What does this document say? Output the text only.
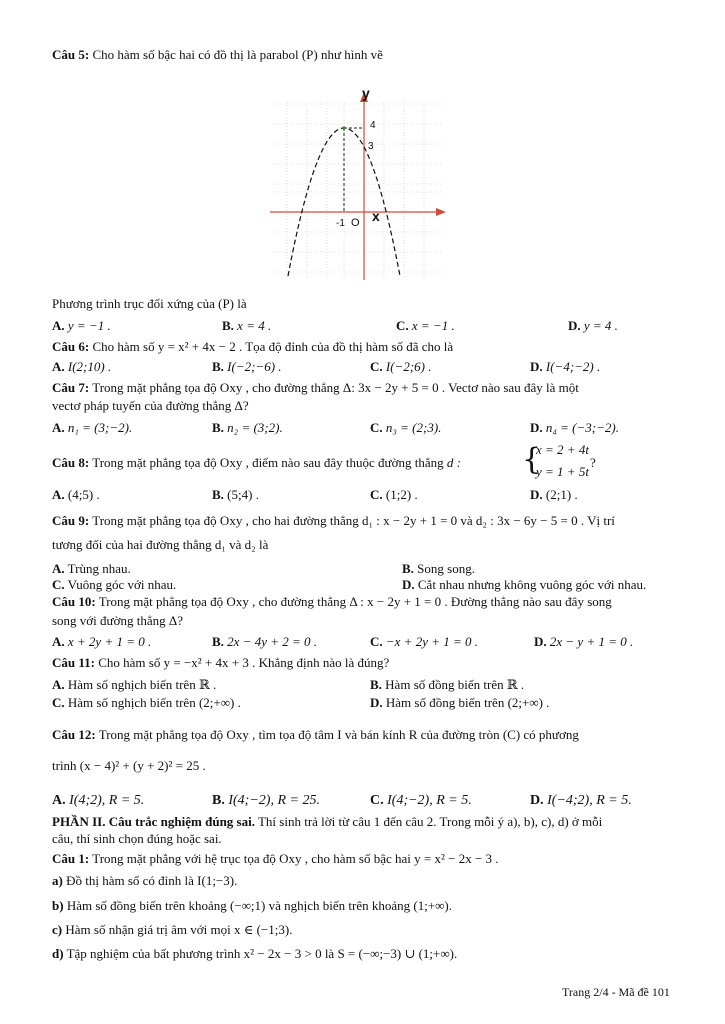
Câu 5: Cho hàm số bậc hai có đồ thị là parabol (P) như hình vẽ
x
y
4
3
-1 O
Phương trình trục đối xứng của (P) là
A. y = −1 .	B. x = 4 .	C. x = −1 .	D. y = 4 .
Câu 6: Cho hàm số y = x² + 4x − 2 . Tọa độ đỉnh của đồ thị hàm số đã cho là
A. I(2;10) .	B. I(−2;−6) .	C. I(−2;6) .	D. I(−4;−2) .
Câu 7: Trong mặt phẳng tọa độ Oxy , cho đường thẳng Δ: 3x − 2y + 5 = 0 . Vectơ nào sau đây là một
vectơ pháp tuyến của đường thẳng Δ?
A. n₁ = (3;−2).	B. n₂ = (3;2).	C. n₃ = (2;3).	D. n₄ = (−3;−2).
Câu 8: Trong mặt phẳng tọa độ Oxy , điểm nào sau đây thuộc đường thẳng d : {
x = 2 + 4t
y = 1 + 5t
?
A. (4;5) .	B. (5;4) .	C. (1;2) .	D. (2;1) .
Câu 9: Trong mặt phẳng tọa độ Oxy , cho hai đường thẳng d₁ : x − 2y + 1 = 0 và d₂ : 3x − 6y − 5 = 0 . Vị trí
tương đối của hai đường thẳng d₁ và d₂ là
A. Trùng nhau.	B. Song song.
C. Vuông góc với nhau.	D. Cắt nhau nhưng không vuông góc với nhau.
Câu 10: Trong mặt phẳng tọa độ Oxy , cho đường thẳng Δ : x − 2y + 1 = 0 . Đường thẳng nào sau đây song
song với đường thẳng Δ?
A. x + 2y + 1 = 0 .	B. 2x − 4y + 2 = 0 .	C. −x + 2y + 1 = 0 .	D. 2x − y + 1 = 0 .
Câu 11: Cho hàm số y = −x² + 4x + 3 . Khẳng định nào là đúng?
A. Hàm số nghịch biến trên ℝ .	B. Hàm số đồng biến trên ℝ .
C. Hàm số nghịch biến trên (2;+∞) .	D. Hàm số đồng biến trên (2;+∞) .
Câu 12: Trong mặt phẳng tọa độ Oxy , tìm tọa độ tâm I và bán kính R của đường tròn (C) có phương
trình (x − 4)² + (y + 2)² = 25 .
A. I(4;2), R = 5.	B. I(4;−2), R = 25.	C. I(4;−2), R = 5.	D. I(−4;2), R = 5.
PHẦN II. Câu trắc nghiệm đúng sai. Thí sinh trả lời từ câu 1 đến câu 2. Trong mỗi ý a), b), c), d) ở mỗi
câu, thí sinh chọn đúng hoặc sai.
Câu 1: Trong mặt phẳng với hệ trục tọa độ Oxy , cho hàm số bậc hai y = x² − 2x − 3 .
a) Đồ thị hàm số có đỉnh là I(1;−3).
b) Hàm số đồng biến trên khoảng (−∞;1) và nghịch biến trên khoảng (1;+∞).
c) Hàm số nhận giá trị âm với mọi x ∈ (−1;3).
d) Tập nghiệm của bất phương trình x² − 2x − 3 > 0 là S = (−∞;−3) ∪ (1;+∞).
Trang 2/4 - Mã đề 101
